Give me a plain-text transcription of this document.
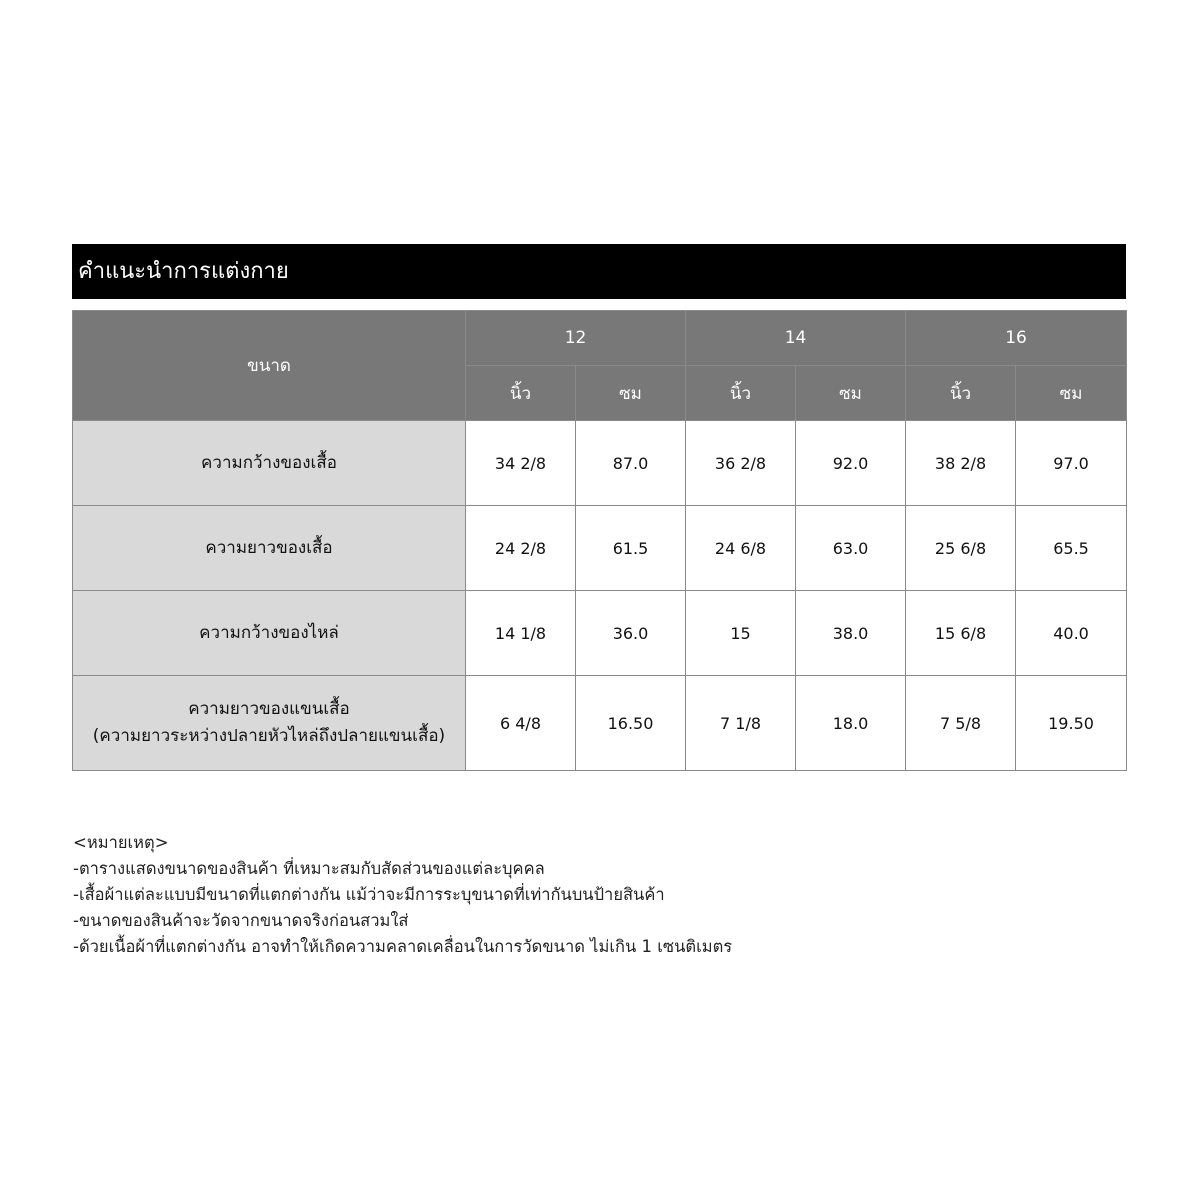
คำแนะนำการแต่งกาย
ขนาด	12		14		16	
	นิ้ว	ซม	นิ้ว	ซม	นิ้ว	ซม
ความกว้างของเสื้อ	34 2/8	87.0	36 2/8	92.0	38 2/8	97.0
ความยาวของเสื้อ	24 2/8	61.5	24 6/8	63.0	25 6/8	65.5
ความกว้างของไหล่	14 1/8	36.0	15	38.0	15 6/8	40.0

ความยาวของแขนเสื้อ
(ความยาวระหว่างปลายหัวไหล่ถึงปลายแขนเสื้อ)	6 4/8	16.50	7 1/8	18.0	7 5/8	19.50
<หมายเหตุ>
-ตารางแสดงขนาดของสินค้า ที่เหมาะสมกับสัดส่วนของแต่ละบุคคล
-เสื้อผ้าแต่ละแบบมีขนาดที่แตกต่างกัน แม้ว่าจะมีการระบุขนาดที่เท่ากันบนป้ายสินค้า
-ขนาดของสินค้าจะวัดจากขนาดจริงก่อนสวมใส่
-ด้วยเนื้อผ้าที่แตกต่างกัน อาจทำให้เกิดความคลาดเคลื่อนในการวัดขนาด ไม่เกิน 1 เซนติเมตร
